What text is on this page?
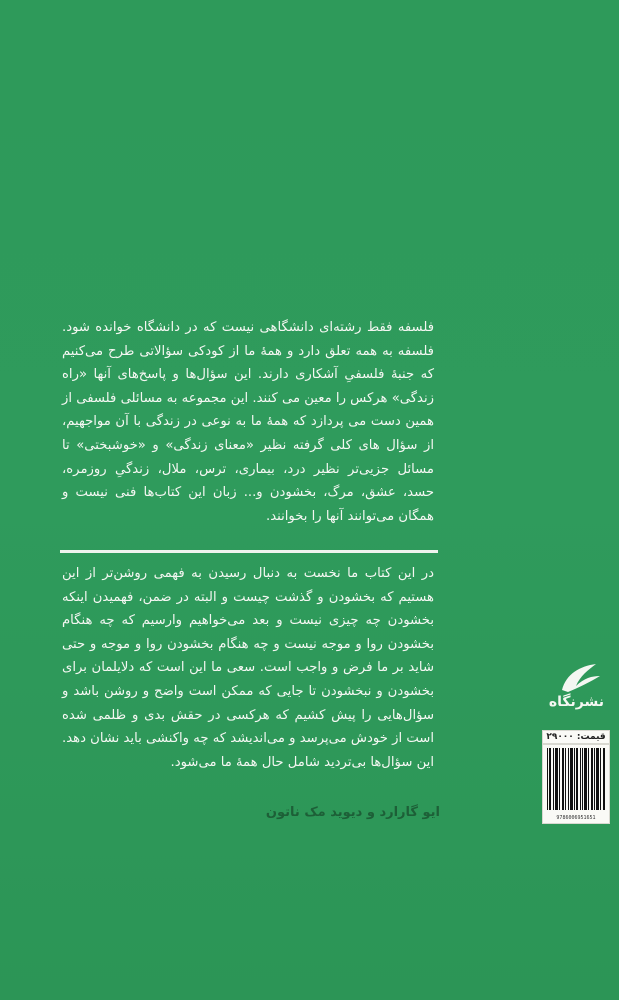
فلسفه فقط رشته‌ای دانشگاهی نیست که در دانشگاه خوانده شود. فلسفه به همه تعلق دارد و همهٔ ما از کودکی سؤالاتی طرح می‌کنیم که جنبهٔ فلسفیِ آشکاری دارند. این سؤال‌ها و پاسخ‌های آنها «راه زندگی» هرکس را معین می کنند. این مجموعه به مسائلی فلسفی از همین دست می پردازد که همهٔ ما به نوعی در زندگی با آن مواجهیم، از سؤال های کلی گرفته نظیر «معنای زندگی» و «خوشبختی» تا مسائل جزیی‌تر نظیر درد، بیماری، ترس، ملال، زندگیِ روزمره، حسد، عشق، مرگ، بخشودن و... زبان این کتاب‌ها فنی نیست و همگان می‌توانند آنها را بخوانند.

در این کتاب ما نخست به دنبال رسیدن به فهمی روشن‌تر از این هستیم که بخشودن و گذشت چیست و البته در ضمن، فهمیدن اینکه بخشودن چه چیزی نیست و بعد می‌خواهیم وارسیم که چه هنگام بخشودن روا و موجه نیست و چه هنگام بخشودن روا و موجه و حتی شاید بر ما فرض و واجب است. سعی ما این است که دلایلمان برای بخشودن و نبخشودن تا جایی که ممکن است واضح و روشن باشد و سؤال‌هایی را پیش کشیم که هرکسی در حقش بدی و ظلمی شده است از خودش می‌پرسد و می‌اندیشد که چه واکنشی باید نشان دهد. این سؤال‌ها بی‌تردید شامل حال همهٔ ما می‌شود.

ایو گارارد و دیوید مک ناتون
نشرنگاه
قیمت: ۲۹۰۰۰
9786006951651
